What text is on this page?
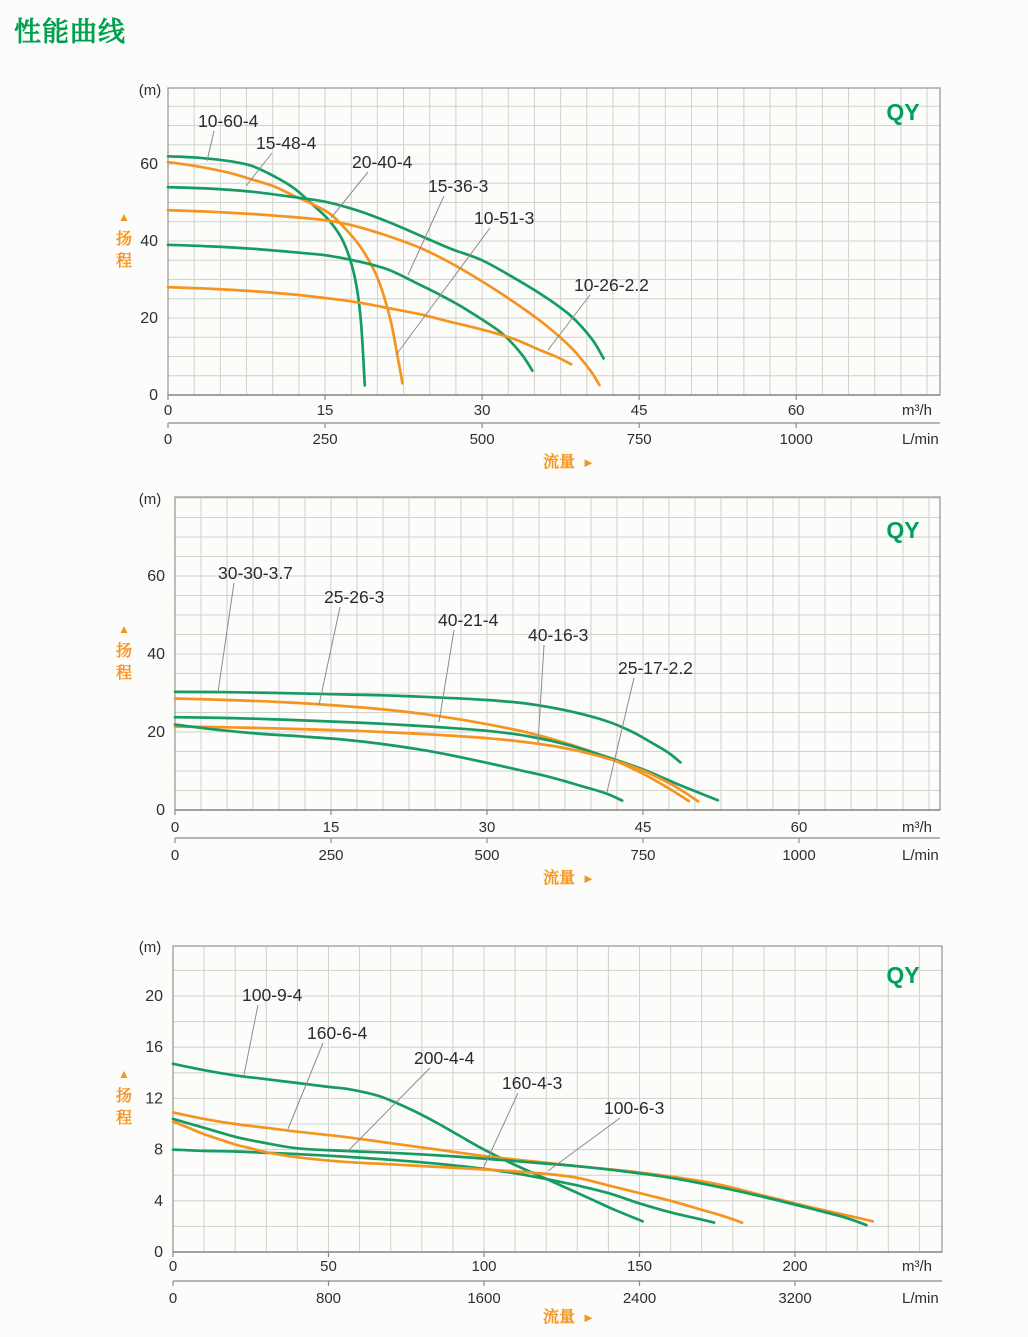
性能曲线
0
0
15
250
30
500
45
750
60
1000
m³/h
L/min
0
20
40
60
(m)
QY
▲
扬
程
流量 ►
10-60-4
10-51-3
15-48-4
20-40-4
15-36-3
10-26-2.2
0
0
15
250
30
500
45
750
60
1000
m³/h
L/min
0
20
40
60
(m)
QY
▲
扬
程
流量 ►
30-30-3.7
25-26-3
40-21-4
40-16-3
25-17-2.2
0
0
50
800
100
1600
150
2400
200
3200
m³/h
L/min
0
4
8
12
16
20
(m)
QY
▲
扬
程
流量 ►
100-9-4
160-6-4
200-4-4
160-4-3
100-6-3
